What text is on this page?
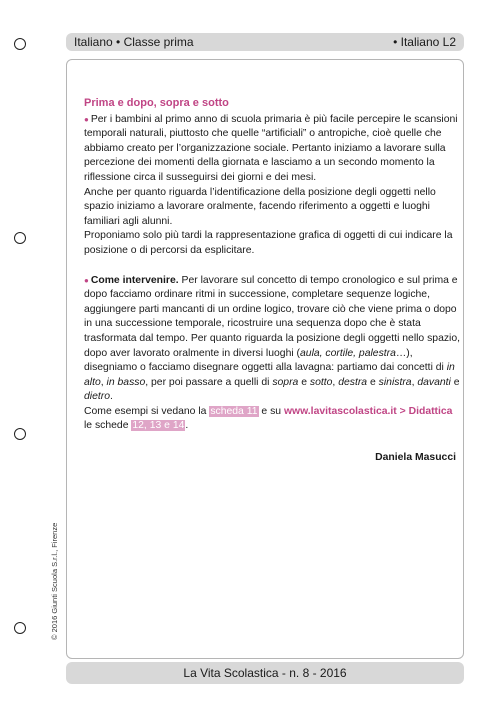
Italiano • Classe prima	• Italiano L2
Prima e dopo, sopra e sotto

● Per i bambini al primo anno di scuola primaria è più facile percepire le scansioni temporali naturali, piuttosto che quelle “artificiali” o antropiche, cioè quelle che abbiamo creato per l’organizzazione sociale. Pertanto iniziamo a lavorare sulla percezione dei momenti della giornata e lasciamo a un secondo momento la riflessione circa il susseguirsi dei giorni e dei mesi.

Anche per quanto riguarda l’identificazione della posizione degli oggetti nello spazio iniziamo a lavorare oralmente, facendo riferimento a oggetti e luoghi familiari agli alunni.

Proponiamo solo più tardi la rappresentazione grafica di oggetti di cui indicare la posizione o di percorsi da esplicitare.

● Come intervenire. Per lavorare sul concetto di tempo cronologico e sul prima e dopo facciamo ordinare ritmi in successione, completare sequenze logiche, aggiungere parti mancanti di un ordine logico, trovare ciò che viene prima o dopo in una successione temporale, ricostruire una sequenza dopo che è stata trasformata dal tempo. Per quanto riguarda la posizione degli oggetti nello spazio, dopo aver lavorato oralmente in diversi luoghi (aula, cortile, palestra…), disegniamo o facciamo disegnare oggetti alla lavagna: partiamo dai concetti di in alto, in basso, per poi passare a quelli di sopra e sotto, destra e sinistra, davanti e dietro.

Come esempi si vedano la scheda 11 e su www.lavitascolastica.it > Didattica le schede 12, 13 e 14.

Daniela Masucci
© 2016 Giunti Scuola S.r.l., Firenze
La Vita Scolastica - n. 8 - 2016
